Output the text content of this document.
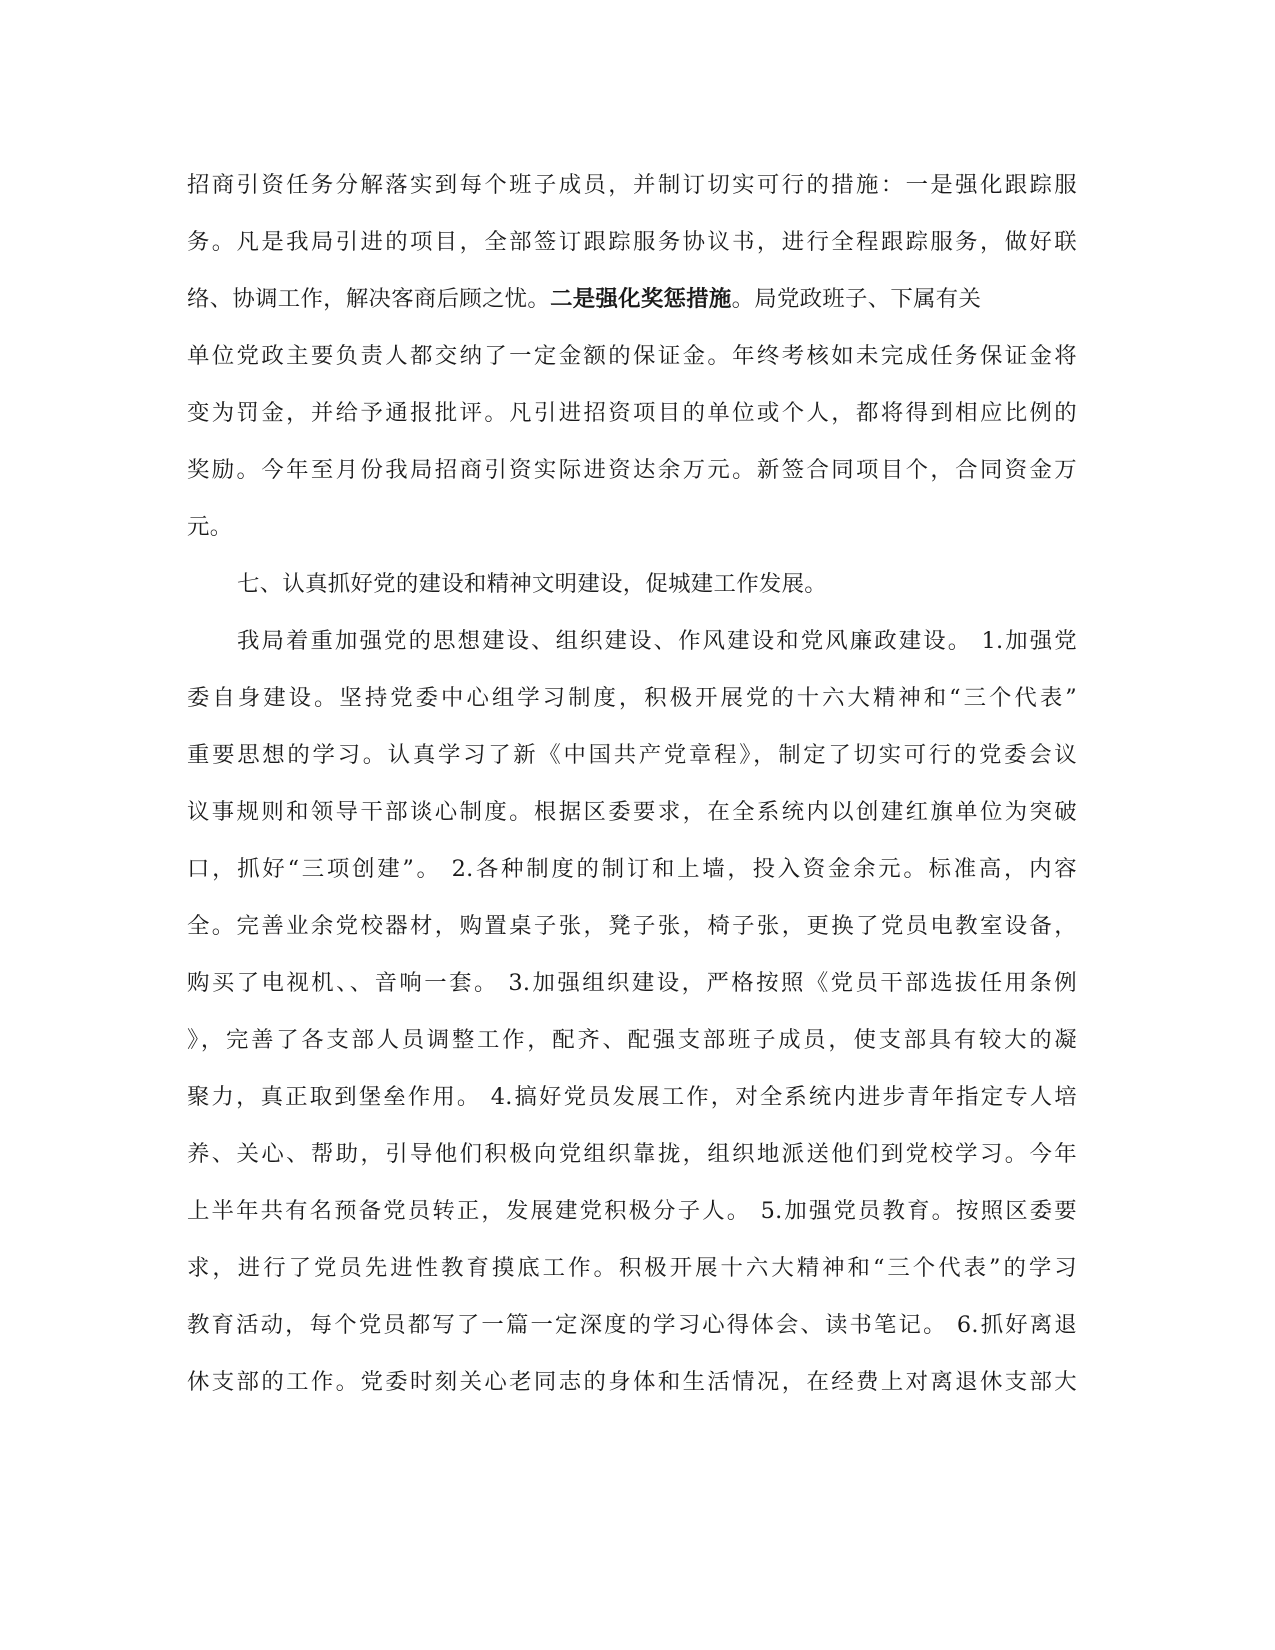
招商引资任务分解落实到每个班子成员，并制订切实可行的措施：一是强化跟踪服
务。凡是我局引进的项目，全部签订跟踪服务协议书，进行全程跟踪服务，做好联
络、协调工作，解决客商后顾之忧。二是强化奖惩措施。局党政班子、下属有关
单位党政主要负责人都交纳了一定金额的保证金。年终考核如未完成任务保证金将
变为罚金，并给予通报批评。凡引进招资项目的单位或个人，都将得到相应比例的
奖励。今年至月份我局招商引资实际进资达余万元。新签合同项目个，合同资金万
元。
七、认真抓好党的建设和精神文明建设，促城建工作发展。
我局着重加强党的思想建设、组织建设、作风建设和党风廉政建设。 1.加强党
委自身建设。坚持党委中心组学习制度，积极开展党的十六大精神和“三个代表”
重要思想的学习。认真学习了新《中国共产党章程》，制定了切实可行的党委会议
议事规则和领导干部谈心制度。根据区委要求，在全系统内以创建红旗单位为突破
口，抓好“三项创建”。 2.各种制度的制订和上墙，投入资金余元。标准高，内容
全。完善业余党校器材，购置桌子张，凳子张，椅子张，更换了党员电教室设备，
购买了电视机、、音响一套。 3.加强组织建设，严格按照《党员干部选拔任用条例
》，完善了各支部人员调整工作，配齐、配强支部班子成员，使支部具有较大的凝
聚力，真正取到堡垒作用。 4.搞好党员发展工作，对全系统内进步青年指定专人培
养、关心、帮助，引导他们积极向党组织靠拢，组织地派送他们到党校学习。今年
上半年共有名预备党员转正，发展建党积极分子人。 5.加强党员教育。按照区委要
求，进行了党员先进性教育摸底工作。积极开展十六大精神和“三个代表”的学习
教育活动，每个党员都写了一篇一定深度的学习心得体会、读书笔记。 6.抓好离退
休支部的工作。党委时刻关心老同志的身体和生活情况，在经费上对离退休支部大
